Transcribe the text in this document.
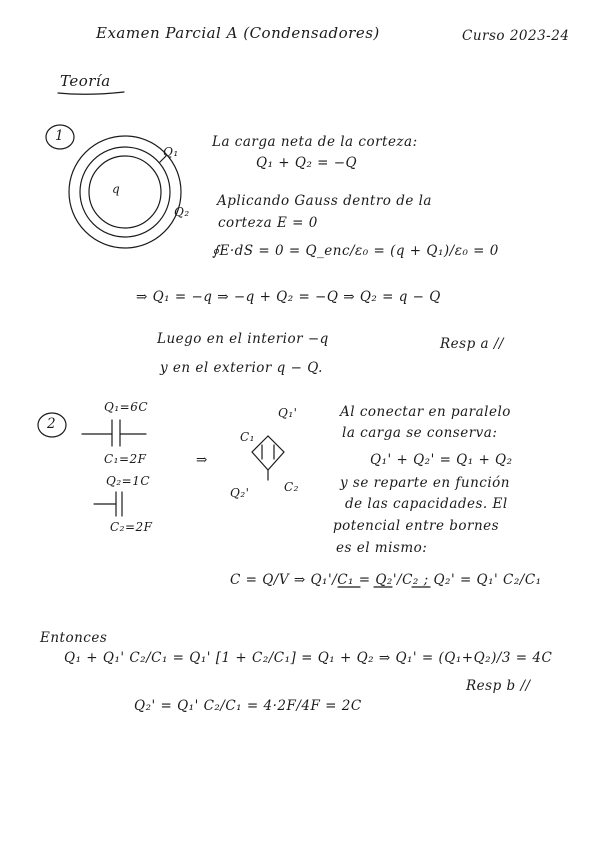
Examen Parcial A (Condensadores)	Curso 2023-24
Teoría
1
q
Q₁
Q₂
La carga neta de la corteza:
Q₁ + Q₂ = −Q
Aplicando Gauss dentro de la
corteza E = 0
∮E·dS = 0 = Q_enc/ε₀ = (q + Q₁)/ε₀ = 0
⇒ Q₁ = −q ⇒ −q + Q₂ = −Q ⇒ Q₂ = q − Q
Luego en el interior −q
y en el exterior q − Q.
Resp a //
2
Q₁=6C
C₁=2F
Q₂=1C
C₂=2F
⇒
Q₁'
Q₂'
C₁
C₂
Al conectar en paralelo
la carga se conserva:
Q₁' + Q₂' = Q₁ + Q₂
y se reparte en función
de las capacidades. El
potencial entre bornes
es el mismo:
C = Q/V ⇒ Q₁'/C₁ = Q₂'/C₂ ; Q₂' = Q₁' C₂/C₁
Entonces
Q₁ + Q₁' C₂/C₁ = Q₁' [1 + C₂/C₁] = Q₁ + Q₂ ⇒ Q₁' = (Q₁+Q₂)/3 = 4C
Q₂' = Q₁' C₂/C₁ = 4·2F/4F = 2C
Resp b //
